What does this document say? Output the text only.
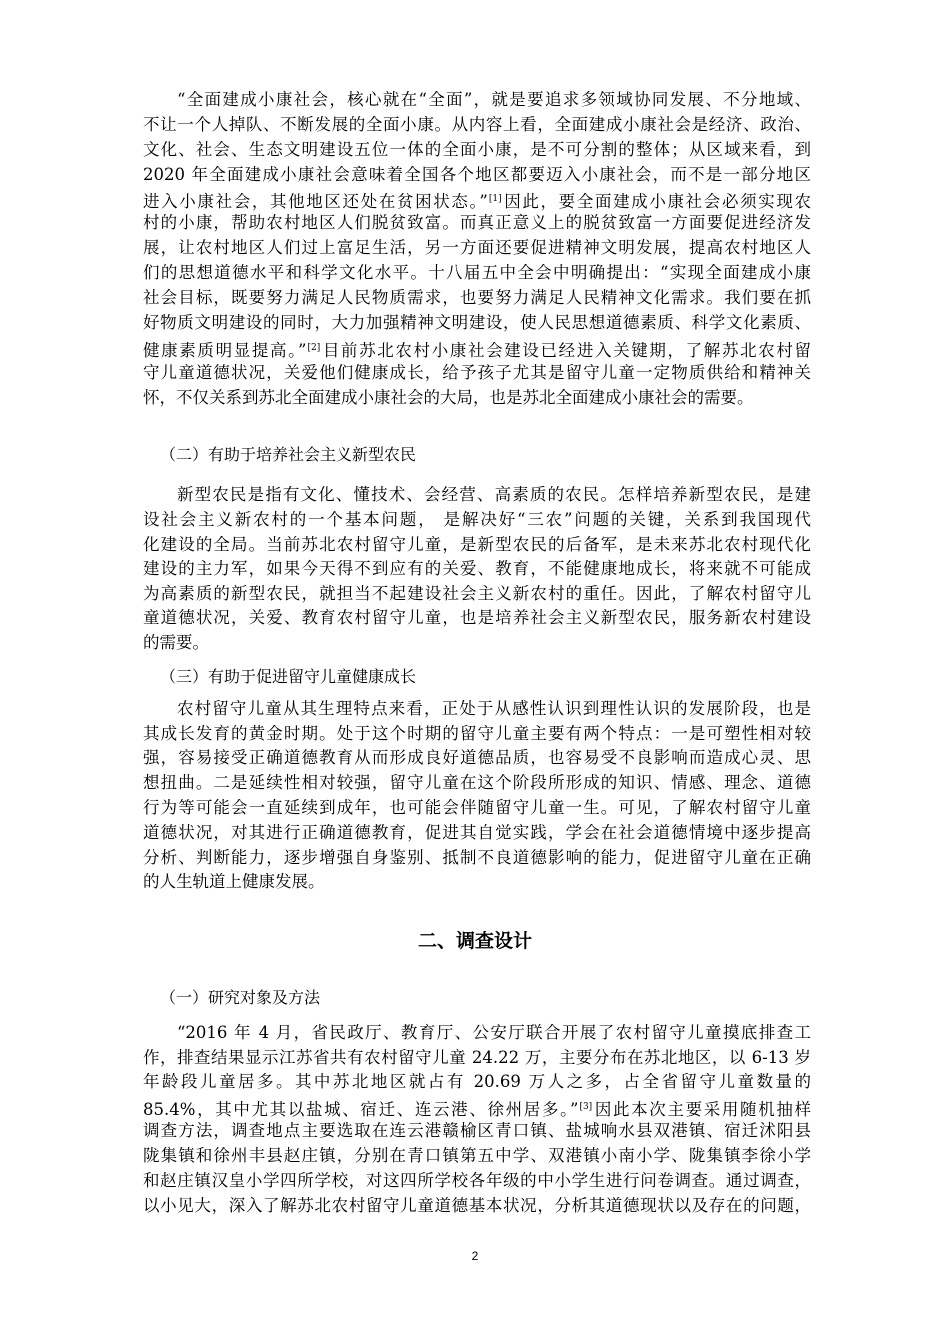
“全面建成小康社会，核心就在“全面”，就是要追求多领域协同发展、不分地域、
不让一个人掉队、不断发展的全面小康。从内容上看，全面建成小康社会是经济、政治、
文化、社会、生态文明建设五位一体的全面小康，是不可分割的整体；从区域来看，到
2020 年全面建成小康社会意味着全国各个地区都要迈入小康社会，而不是一部分地区
进入小康社会，其他地区还处在贫困状态。”[1]因此，要全面建成小康社会必须实现农
村的小康，帮助农村地区人们脱贫致富。而真正意义上的脱贫致富一方面要促进经济发
展，让农村地区人们过上富足生活，另一方面还要促进精神文明发展，提高农村地区人
们的思想道德水平和科学文化水平。十八届五中全会中明确提出：“实现全面建成小康
社会目标，既要努力满足人民物质需求，也要努力满足人民精神文化需求。我们要在抓
好物质文明建设的同时，大力加强精神文明建设，使人民思想道德素质、科学文化素质、
健康素质明显提高。”[2]目前苏北农村小康社会建设已经进入关键期，了解苏北农村留
守儿童道德状况，关爱他们健康成长，给予孩子尤其是留守儿童一定物质供给和精神关
怀，不仅关系到苏北全面建成小康社会的大局，也是苏北全面建成小康社会的需要。
（二）有助于培养社会主义新型农民
新型农民是指有文化、懂技术、会经营、高素质的农民。怎样培养新型农民，是建
设社会主义新农村的一个基本问题， 是解决好“三农”问题的关键，关系到我国现代
化建设的全局。当前苏北农村留守儿童，是新型农民的后备军，是未来苏北农村现代化
建设的主力军，如果今天得不到应有的关爱、教育，不能健康地成长，将来就不可能成
为高素质的新型农民，就担当不起建设社会主义新农村的重任。因此，了解农村留守儿
童道德状况，关爱、教育农村留守儿童，也是培养社会主义新型农民，服务新农村建设
的需要。
（三）有助于促进留守儿童健康成长
农村留守儿童从其生理特点来看，正处于从感性认识到理性认识的发展阶段，也是
其成长发育的黄金时期。处于这个时期的留守儿童主要有两个特点：一是可塑性相对较
强，容易接受正确道德教育从而形成良好道德品质，也容易受不良影响而造成心灵、思
想扭曲。二是延续性相对较强，留守儿童在这个阶段所形成的知识、情感、理念、道德
行为等可能会一直延续到成年，也可能会伴随留守儿童一生。可见，了解农村留守儿童
道德状况，对其进行正确道德教育，促进其自觉实践，学会在社会道德情境中逐步提高
分析、判断能力，逐步增强自身鉴别、抵制不良道德影响的能力，促进留守儿童在正确
的人生轨道上健康发展。
二、调查设计
（一）研究对象及方法
“2016 年 4 月，省民政厅、教育厅、公安厅联合开展了农村留守儿童摸底排查工
作，排查结果显示江苏省共有农村留守儿童 24.22 万，主要分布在苏北地区，以 6-13 岁
年龄段儿童居多。其中苏北地区就占有 20.69 万人之多，占全省留守儿童数量的
85.4%，其中尤其以盐城、宿迁、连云港、徐州居多。”[3]因此本次主要采用随机抽样
调查方法，调查地点主要选取在连云港赣榆区青口镇、盐城响水县双港镇、宿迁沭阳县
陇集镇和徐州丰县赵庄镇，分别在青口镇第五中学、双港镇小南小学、陇集镇李徐小学
和赵庄镇汉皇小学四所学校，对这四所学校各年级的中小学生进行问卷调查。通过调查，
以小见大，深入了解苏北农村留守儿童道德基本状况，分析其道德现状以及存在的问题，
2
